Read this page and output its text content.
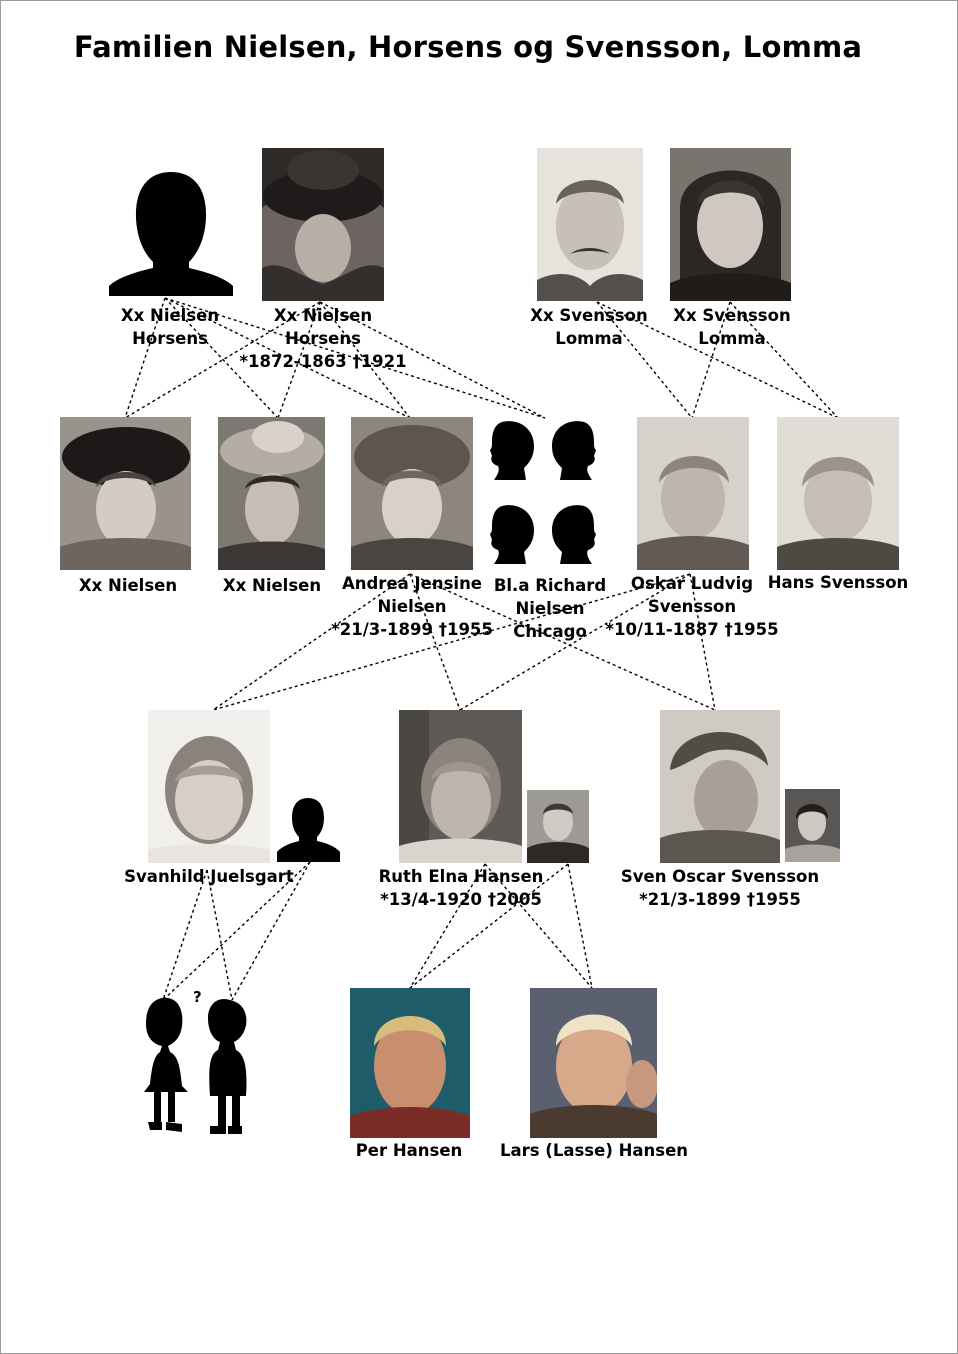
Familien Nielsen, Horsens og Svensson, Lomma
Xx Nielsen
Horsens
Xx Nielsen
Horsens
*1872-1863 †1921
Xx Svensson
Lomma
Xx Svensson
Lomma
Xx Nielsen	Xx Nielsen	Andrea Jensine
Nielsen
*21/3-1899 †1955
Bl.a Richard
Nielsen
Chicago
Oskar Ludvig
Svensson
*10/11-1887 †1955
Hans Svensson
Svanhild Juelsgart	Ruth Elna Hansen
*13/4-1920 †2005
Sven Oscar Svensson
*21/3-1899 †1955
?
Per Hansen Lars (Lasse) Hansen
